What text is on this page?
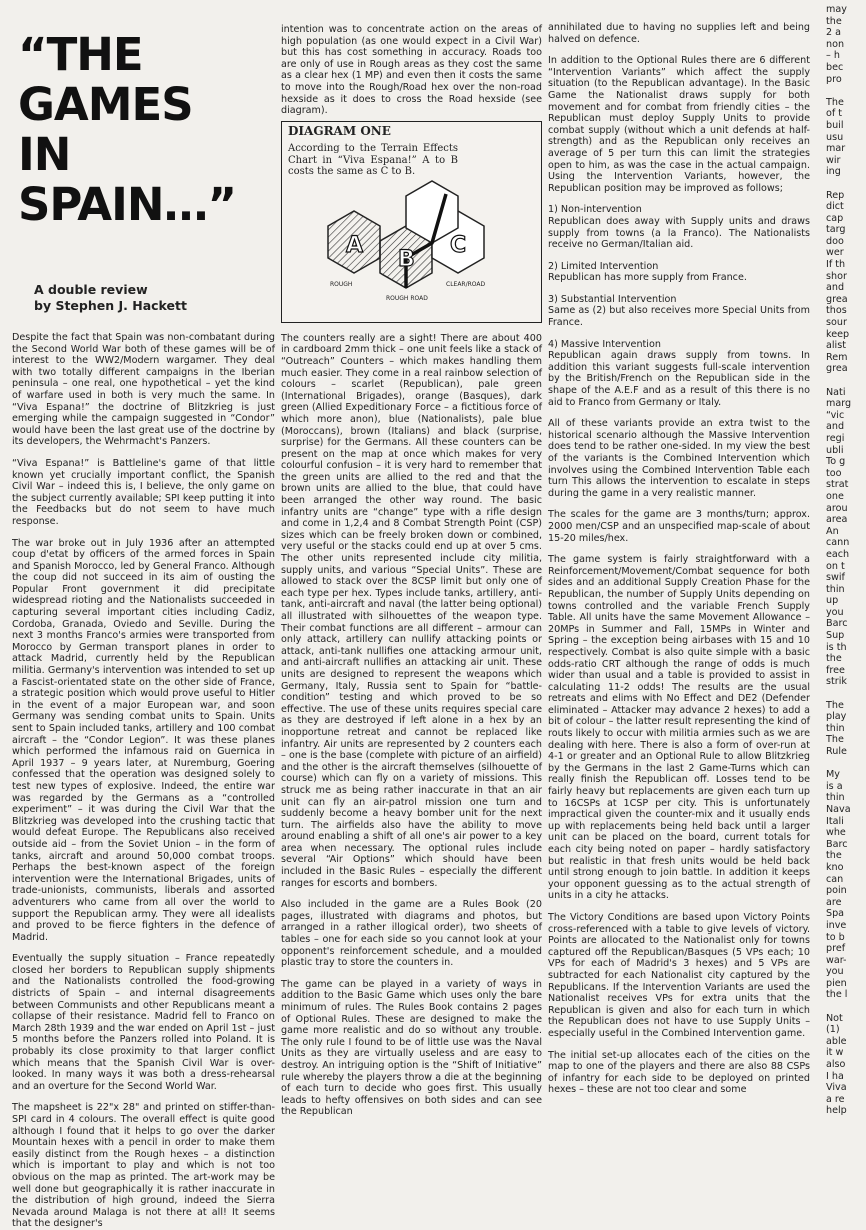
“THE GAMES
IN SPAIN…”
A double review
by Stephen J. Hackett

Despite the fact that Spain was non-combatant during the Second World War both of these games will be of interest to the WW2/Modern wargamer. They deal with two totally different campaigns in the Iberian peninsula – one real, one hypothetical – yet the kind of warfare used in both is very much the same. In “Viva Espana!” the doctrine of Blitzkrieg is just emerging while the campaign suggested in “Condor” would have been the last great use of the doctrine by its developers, the Wehrmacht's Panzers.

“Viva Espana!” is Battleline's game of that little known yet crucially important conflict, the Spanish Civil War – indeed this is, I believe, the only game on the subject currently available; SPI keep putting it into the Feedbacks but do not seem to have much response.

The war broke out in July 1936 after an attempted coup d'etat by officers of the armed forces in Spain and Spanish Morocco, led by General Franco. Although the coup did not succeed in its aim of ousting the Popular Front government it did precipitate widespread rioting and the Nationalists succeeded in capturing several important cities including Cadiz, Cordoba, Granada, Oviedo and Seville. During the next 3 months Franco's armies were transported from Morocco by German transport planes in order to attack Madrid, currently held by the Republican militia. Germany's intervention was intended to set up a Fascist-orientated state on the other side of France, a strategic position which would prove useful to Hitler in the event of a major European war, and soon Germany was sending combat units to Spain. Units sent to Spain included tanks, artillery and 100 combat aircraft – the “Condor Legion”. It was these planes which performed the infamous raid on Guernica in April 1937 – 9 years later, at Nuremburg, Goering confessed that the operation was designed solely to test new types of explosive. Indeed, the entire war was regarded by the Germans as a “controlled experiment” – it was during the Civil War that the Blitzkrieg was developed into the crushing tactic that would defeat Europe. The Republicans also received outside aid – from the Soviet Union – in the form of tanks, aircraft and around 50,000 combat troops. Perhaps the best-known aspect of the foreign intervention were the International Brigades, units of trade-unionists, communists, liberals and assorted adventurers who came from all over the world to support the Republican army. They were all idealists and proved to be fierce fighters in the defence of Madrid.

Eventually the supply situation – France repeatedly closed her borders to Republican supply shipments and the Nationalists controlled the food-growing districts of Spain – and internal disagreements between Communists and other Republicans meant a collapse of their resistance. Madrid fell to Franco on March 28th 1939 and the war ended on April 1st – just 5 months before the Panzers rolled into Poland. It is probably its close proximity to that larger conflict which means that the Spanish Civil War is over-looked. In many ways it was both a dress-rehearsal and an overture for the Second World War.

The mapsheet is 22"x 28" and printed on stiffer-than-SPI card in 4 colours. The overall effect is quite good although I found that it helps to go over the darker Mountain hexes with a pencil in order to make them easily distinct from the Rough hexes – a distinction which is important to play and which is not too obvious on the map as printed. The art-work may be well done but geographically it is rather inaccurate in the distribution of high ground, indeed the Sierra Nevada around Malaga is not there at all! It seems that the designer's

intention was to concentrate action on the areas of high population (as one would expect in a Civil War) but this has cost something in accuracy. Roads too are only of use in Rough areas as they cost the same as a clear hex (1 MP) and even then it costs the same to move into the Rough/Road hex over the non-road hexside as it does to cross the Road hexside (see diagram).

DIAGRAM ONE
According to the Terrain Effects Chart in “Viva Espana!” A to B costs the same as C to B.
A
B
C
ROUGH	CLEAR/ROAD
ROUGH ROAD

The counters really are a sight! There are about 400 in cardboard 2mm thick – one unit feels like a stack of “Outreach” Counters – which makes handling them much easier. They come in a real rainbow selection of colours – scarlet (Republican), pale green (International Brigades), orange (Basques), dark green (Allied Expeditionary Force – a fictitious force of which more anon), blue (Nationalists), pale blue (Moroccans), brown (Italians) and black (surprise, surprise) for the Germans. All these counters can be present on the map at once which makes for very colourful confusion – it is very hard to remember that the green units are allied to the red and that the brown units are allied to the blue, that could have been arranged the other way round. The basic infantry units are “change” type with a rifle design and come in 1,2,4 and 8 Combat Strength Point (CSP) sizes which can be freely broken down or combined, very useful or the stacks could end up at over 5 cms. The other units represented include city militia, supply units, and various “Special Units”. These are allowed to stack over the 8CSP limit but only one of each type per hex. Types include tanks, artillery, anti-tank, anti-aircraft and naval (the latter being optional) all illustrated with silhouettes of the weapon type. Their combat functions are all different – armour can only attack, artillery can nullify attacking points or attack, anti-tank nullifies one attacking armour unit, and anti-aircraft nullifies an attacking air unit. These units are designed to represent the weapons which Germany, Italy, Russia sent to Spain for “battle-condition” testing and which proved to be so effective. The use of these units requires special care as they are destroyed if left alone in a hex by an inopportune retreat and cannot be replaced like infantry. Air units are represented by 2 counters each – one is the base (complete with picture of an airfield) and the other is the aircraft themselves (silhouette of course) which can fly on a variety of missions. This struck me as being rather inaccurate in that an air unit can fly an air-patrol mission one turn and suddenly become a heavy bomber unit for the next turn. The airfields also have the ability to move around enabling a shift of all one's air power to a key area when necessary. The optional rules include several “Air Options” which should have been included in the Basic Rules – especially the different ranges for escorts and bombers.

Also included in the game are a Rules Book (20 pages, illustrated with diagrams and photos, but arranged in a rather illogical order), two sheets of tables – one for each side so you cannot look at your opponent's reinforcement schedule, and a moulded plastic tray to store the counters in.

The game can be played in a variety of ways in addition to the Basic Game which uses only the bare minimum of rules. The Rules Book contains 2 pages of Optional Rules. These are designed to make the game more realistic and do so without any trouble. The only rule I found to be of little use was the Naval Units as they are virtually useless and are easy to destroy. An intriguing option is the “Shift of Initiative” rule whereby the players throw a die at the beginning of each turn to decide who goes first. This usually leads to hefty offensives on both sides and can see the Republican

annihilated due to having no supplies left and being halved on defence.

In addition to the Optional Rules there are 6 different “Intervention Variants” which affect the supply situation (to the Republican advantage). In the Basic Game the Nationalist draws supply for both movement and for combat from friendly cities – the Republican must deploy Supply Units to provide combat supply (without which a unit defends at half-strength) and as the Republican only receives an average of 5 per turn this can limit the strategies open to him, as was the case in the actual campaign. Using the Intervention Variants, however, the Republican position may be improved as follows;

1) Non-intervention
Republican does away with Supply units and draws supply from towns (a la Franco). The Nationalists receive no German/Italian aid.

2) Limited Intervention
Republican has more supply from France.

3) Substantial Intervention
Same as (2) but also receives more Special Units from France.

4) Massive Intervention
Republican again draws supply from towns. In addition this variant suggests full-scale intervention by the British/French on the Republican side in the shape of the A.E.F and as a result of this there is no aid to Franco from Germany or Italy.

All of these variants provide an extra twist to the historical scenario although the Massive Intervention does tend to be rather one-sided. In my view the best of the variants is the Combined Intervention which involves using the Combined Intervention Table each turn This allows the intervention to escalate in steps during the game in a very realistic manner.

The scales for the game are 3 months/turn; approx. 2000 men/CSP and an unspecified map-scale of about 15-20 miles/hex.

The game system is fairly straightforward with a Reinforcement/Movement/Combat sequence for both sides and an additional Supply Creation Phase for the Republican, the number of Supply Units depending on towns controlled and the variable French Supply Table. All units have the same Movement Allowance – 20MPs in Summer and Fall, 15MPs in Winter and Spring – the exception being airbases with 15 and 10 respectively. Combat is also quite simple with a basic odds-ratio CRT although the range of odds is much wider than usual and a table is provided to assist in calculating 11-2 odds! The results are the usual retreats and elims with No Effect and DE2 (Defender eliminated – Attacker may advance 2 hexes) to add a bit of colour – the latter result representing the kind of routs likely to occur with militia armies such as we are dealing with here. There is also a form of over-run at 4-1 or greater and an Optional Rule to allow Blitzkrieg by the Germans in the last 2 Game-Turns which can really finish the Republican off. Losses tend to be fairly heavy but replacements are given each turn up to 16CSPs at 1CSP per city. This is unfortunately impractical given the counter-mix and it usually ends up with replacements being held back until a larger unit can be placed on the board, current totals for each city being noted on paper – hardly satisfactory but realistic in that fresh units would be held back until strong enough to join battle. In addition it keeps your opponent guessing as to the actual strength of units in a city he attacks.

The Victory Conditions are based upon Victory Points cross-referenced with a table to give levels of victory. Points are allocated to the Nationalist only for towns captured off the Republican/Basques (5 VPs each; 10 VPs for each of Madrid's 3 hexes) and 5 VPs are subtracted for each Nationalist city captured by the Republicans. If the Intervention Variants are used the Nationalist receives VPs for extra units that the Republican is given and also for each turn in which the Republican does not have to use Supply Units –especially useful in the Combined Intervention game.

The initial set-up allocates each of the cities on the map to one of the players and there are also 88 CSPs of infantry for each side to be deployed on printed hexes – these are not too clear and some

may
the
2 a
non
– h
bec
pro
The
of t
buil
usu
mar
wir
ing
Rep
dict
cap
targ
doo
wer
If th
shor
and
grea
thos
sour
keep
alist
Rem
grea
Nati
marg
“vic
and
regi
ubli
To g
too
strat
one
arou
area
An
cann
each
on t
swif
thin
up
you
Barc
Sup
is th
the
free
strik
The
play
thin
The
Rule
My
is a
thin
Nava
Itali
whe
Barc
the
kno
can
poin
are
Spa
inve
to b
pref
war-
you
pien
the l
Not
(1)
able
it w
also
I ha
Viva
a re
help
